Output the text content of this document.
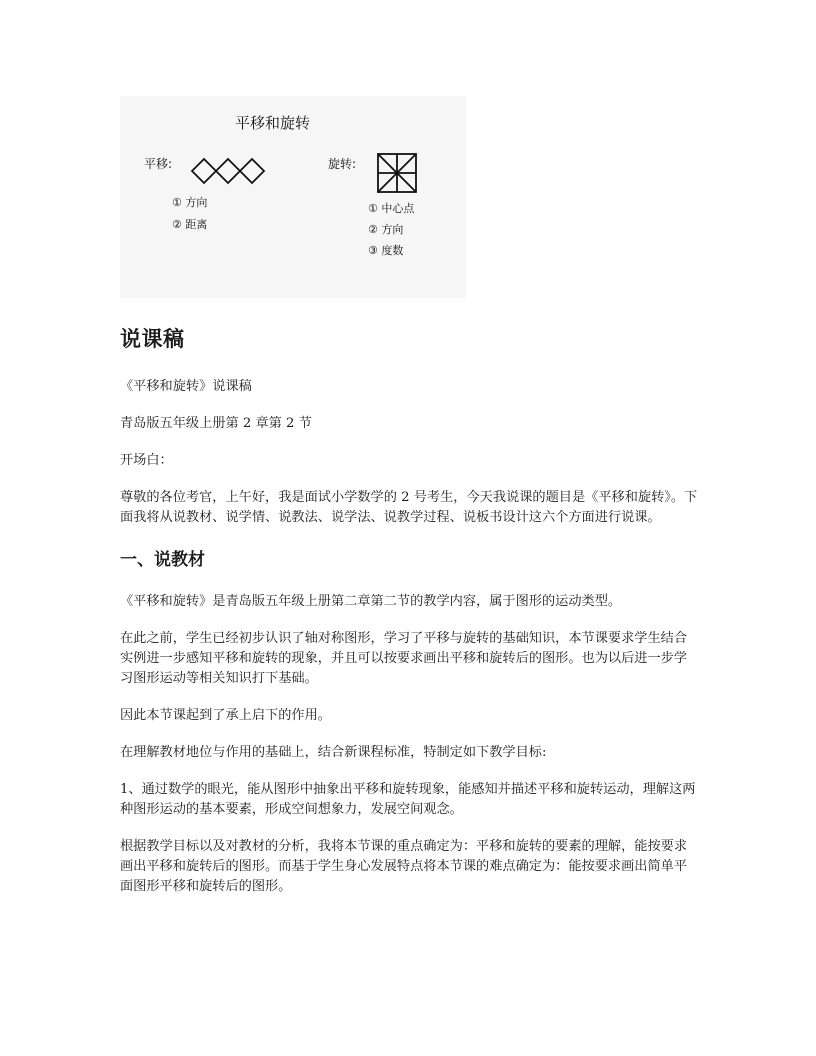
平移和旋转
平移:
① 方向
② 距离
旋转:
① 中心点
② 方向
③ 度数
说课稿

《平移和旋转》说课稿

青岛版五年级上册第 2 章第 2 节

开场白：

尊敬的各位考官，上午好，我是面试小学数学的 2 号考生，今天我说课的题目是《平移和旋转》。下面我将从说教材、说学情、说教法、说学法、说教学过程、说板书设计这六个方面进行说课。

一、说教材

《平移和旋转》是青岛版五年级上册第二章第二节的教学内容，属于图形的运动类型。

在此之前，学生已经初步认识了轴对称图形，学习了平移与旋转的基础知识，本节课要求学生结合实例进一步感知平移和旋转的现象，并且可以按要求画出平移和旋转后的图形。也为以后进一步学习图形运动等相关知识打下基础。

因此本节课起到了承上启下的作用。

在理解教材地位与作用的基础上，结合新课程标准，特制定如下教学目标:

1、通过数学的眼光，能从图形中抽象出平移和旋转现象，能感知并描述平移和旋转运动，理解这两种图形运动的基本要素，形成空间想象力，发展空间观念。

根据教学目标以及对教材的分析，我将本节课的重点确定为：平移和旋转的要素的理解，能按要求画出平移和旋转后的图形。而基于学生身心发展特点将本节课的难点确定为：能按要求画出简单平面图形平移和旋转后的图形。
